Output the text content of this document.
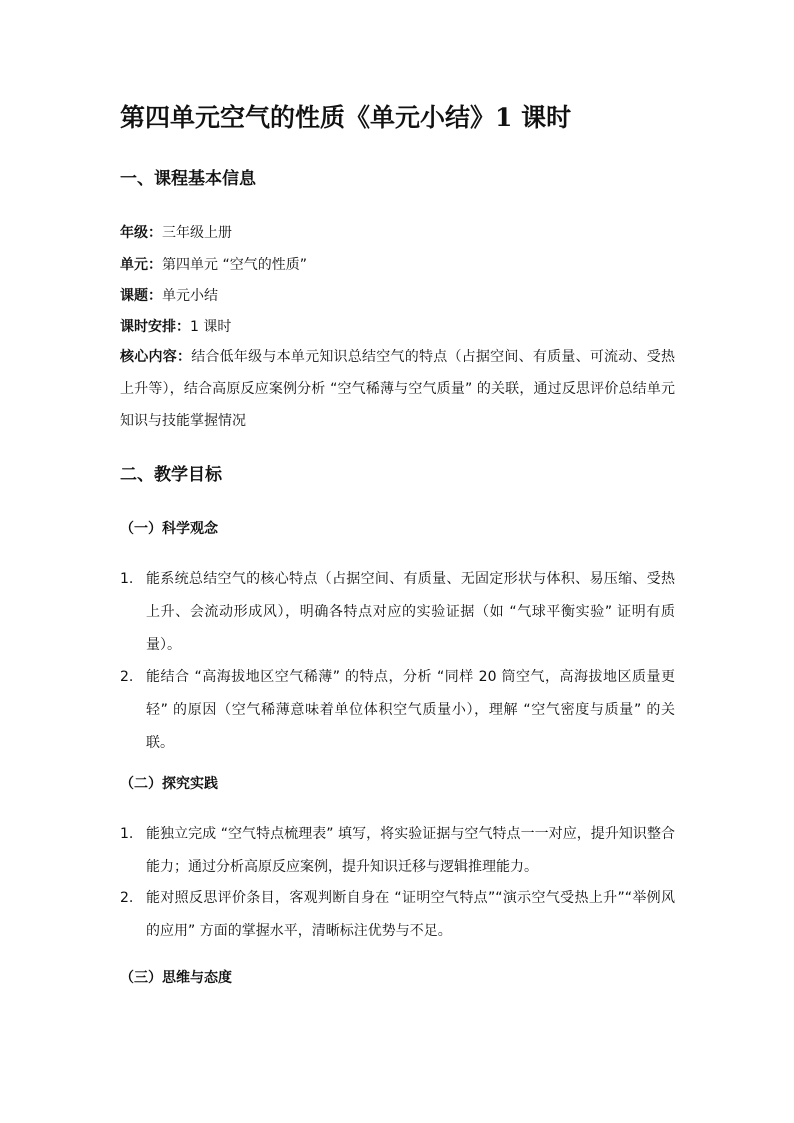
第四单元空气的性质《单元小结》1 课时
一、课程基本信息
年级：三年级上册
单元：第四单元 “空气的性质”
课题：单元小结
课时安排：1 课时
核心内容：结合低年级与本单元知识总结空气的特点（占据空间、有质量、可流动、受热上升等），结合高原反应案例分析 “空气稀薄与空气质量” 的关联，通过反思评价总结单元知识与技能掌握情况
二、教学目标
（一）科学观念
1. 能系统总结空气的核心特点（占据空间、有质量、无固定形状与体积、易压缩、受热上升、会流动形成风），明确各特点对应的实验证据（如 “气球平衡实验” 证明有质量）。
2. 能结合 “高海拔地区空气稀薄” 的特点，分析 “同样 20 筒空气，高海拔地区质量更轻” 的原因（空气稀薄意味着单位体积空气质量小），理解 “空气密度与质量” 的关联。
（二）探究实践
1. 能独立完成 “空气特点梳理表” 填写，将实验证据与空气特点一一对应，提升知识整合能力；通过分析高原反应案例，提升知识迁移与逻辑推理能力。
2. 能对照反思评价条目，客观判断自身在 “证明空气特点”“演示空气受热上升”“举例风的应用” 方面的掌握水平，清晰标注优势与不足。
（三）思维与态度
